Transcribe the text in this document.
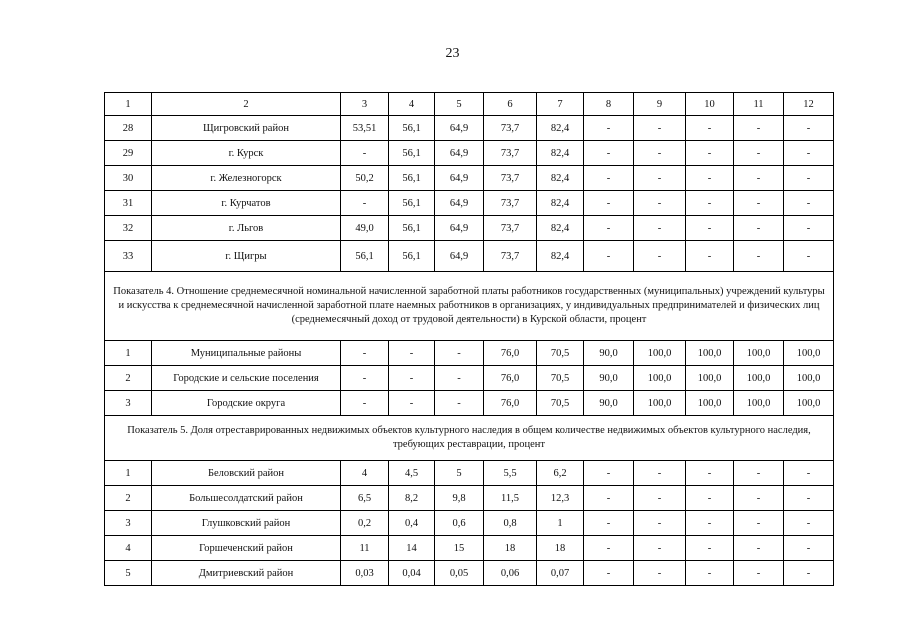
23
1	2	3	4	5	6	7	8	9	10	11	12
28	Щигровский район	53,51	56,1	64,9	73,7	82,4	-	-	-	-	-
29	г. Курск	-	56,1	64,9	73,7	82,4	-	-	-	-	-
30	г. Железногорск	50,2	56,1	64,9	73,7	82,4	-	-	-	-	-
31	г. Курчатов	-	56,1	64,9	73,7	82,4	-	-	-	-	-
32	г. Льгов	49,0	56,1	64,9	73,7	82,4	-	-	-	-	-
33	г. Щигры	56,1	56,1	64,9	73,7	82,4	-	-	-	-	-
Показатель 4. Отношение среднемесячной номинальной начисленной заработной платы работников государственных (муниципальных) учреждений культуры и искусства к среднемесячной начисленной заработной плате наемных работников в организациях, у индивидуальных предпринимателей и физических лиц (среднемесячный доход от трудовой деятельности) в Курской области, процент											
1	Муниципальные районы	-	-	-	76,0	70,5	90,0	100,0	100,0	100,0	100,0
2	Городские и сельские поселения	-	-	-	76,0	70,5	90,0	100,0	100,0	100,0	100,0
3	Городские округа	-	-	-	76,0	70,5	90,0	100,0	100,0	100,0	100,0
Показатель 5. Доля отреставрированных недвижимых объектов культурного наследия в общем количестве недвижимых объектов культурного наследия, требующих реставрации, процент											
1	Беловский район	4	4,5	5	5,5	6,2	-	-	-	-	-
2	Большесолдатский район	6,5	8,2	9,8	11,5	12,3	-	-	-	-	-
3	Глушковский район	0,2	0,4	0,6	0,8	1	-	-	-	-	-
4	Горшеченский район	11	14	15	18	18	-	-	-	-	-
5	Дмитриевский район	0,03	0,04	0,05	0,06	0,07	-	-	-	-	-
